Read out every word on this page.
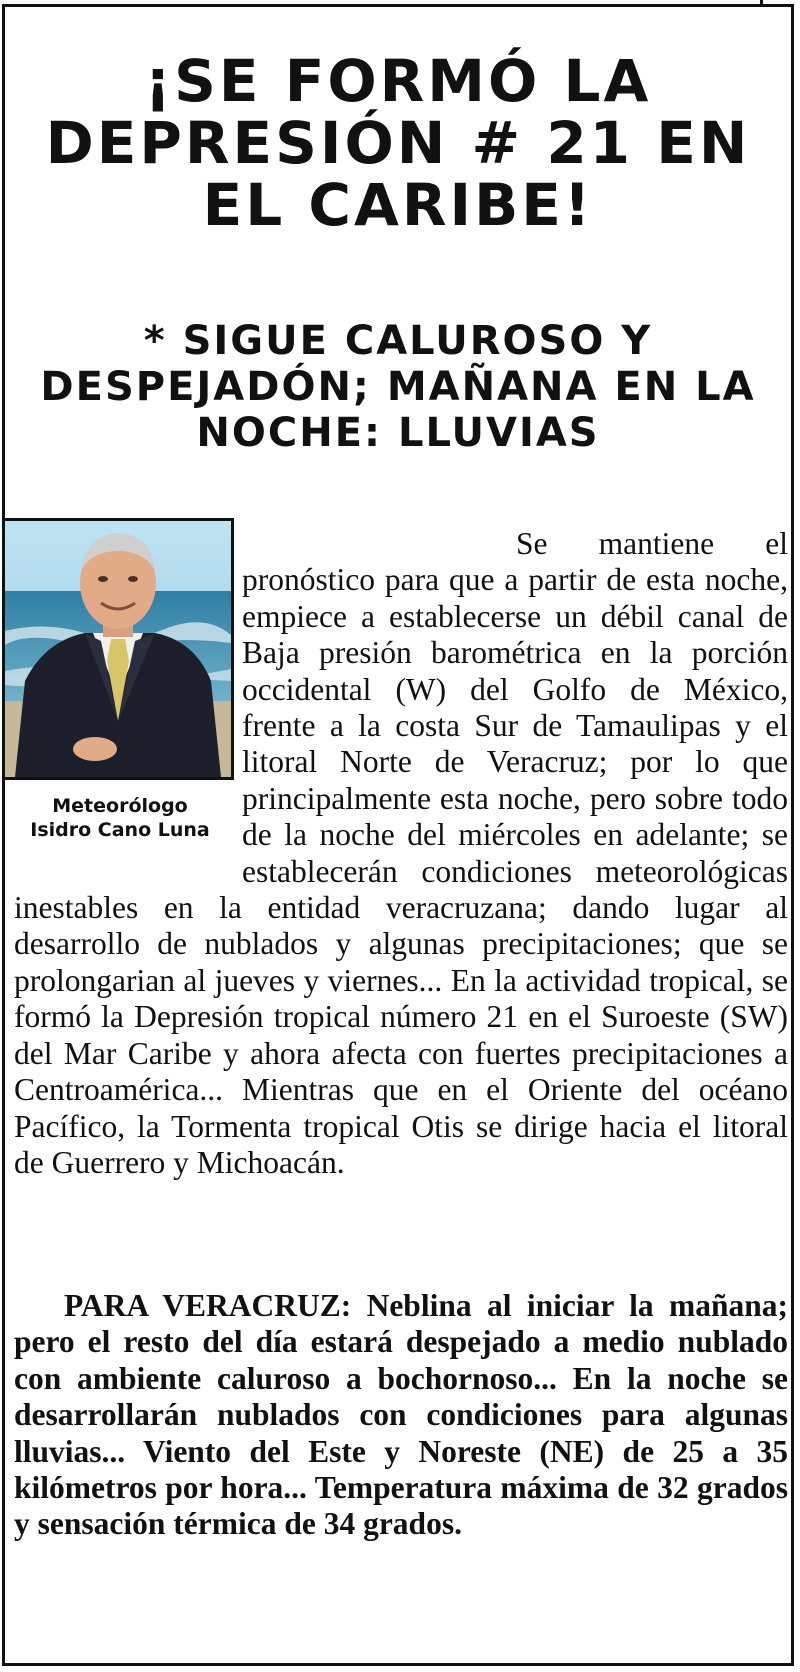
¡SE FORMÓ LA DEPRESIÓN # 21 EN EL CARIBE!
* SIGUE CALUROSO Y DESPEJADÓN; MAÑANA EN LA NOCHE: LLUVIAS
Meteorólogo
Isidro Cano Luna

Se mantiene el pronóstico para que a partir de esta noche, empiece a establecerse un débil canal de Baja presión barométrica en la porción occidental (W) del Golfo de México, frente a la costa Sur de Tamaulipas y el litoral Norte de Veracruz; por lo que principalmente esta noche, pero sobre todo de la noche del miércoles en adelante; se establecerán condiciones meteorológicas inestables en la entidad veracruzana; dando lugar al desarrollo de nublados y algunas precipitaciones; que se prolongarian al jueves y viernes... En la actividad tropical, se formó la Depresión tropical número 21 en el Suroeste (SW) del Mar Caribe y ahora afecta con fuertes precipitaciones a Centroamérica... Mientras que en el Oriente del océano Pacífico, la Tormenta tropical Otis se dirige hacia el litoral de Guerrero y Michoacán.

PARA VERACRUZ: Neblina al iniciar la mañana; pero el resto del día estará despejado a medio nublado con ambiente caluroso a bochornoso... En la noche se desarrollarán nublados con condiciones para algunas lluvias... Viento del Este y Noreste (NE) de 25 a 35 kilómetros por hora... Temperatura máxima de 32 grados y sensación térmica de 34 grados.
